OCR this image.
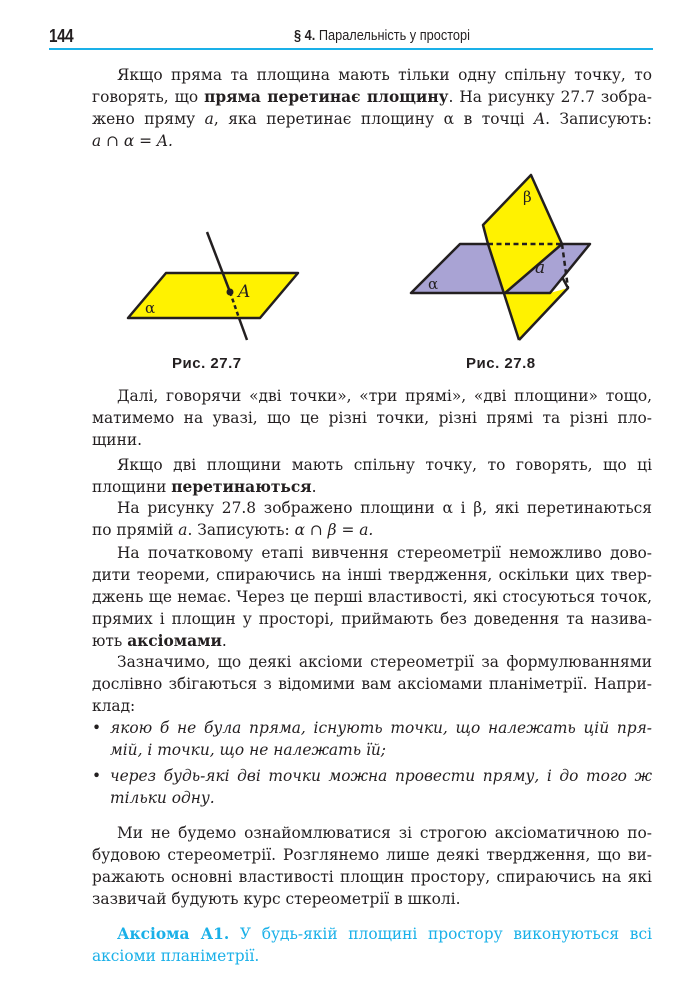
144	§ 4. Паралельність у просторі
Якщо пряма та площина мають тільки одну спільну точку, то
говорять, що пряма перетинає площину. На рисунку 27.7 зобра-
жено пряму a, яка перетинає площину α в точці A. Записують:
a ∩ α = A.
α
A
Рис. 27.7
α
β
a
Рис. 27.8
Далі, говорячи «дві точки», «три прямі», «дві площини» тощо,
матимемо на увазі, що це різні точки, різні прямі та різні пло-
щини.
Якщо дві площини мають спільну точку, то говорять, що ці
площини перетинаються.
На рисунку 27.8 зображено площини α і β, які перетинаються
по прямій a. Записують: α ∩ β = a.
На початковому етапі вивчення стереометрії неможливо дово-
дити теореми, спираючись на інші твердження, оскільки цих твер-
джень ще немає. Через це перші властивості, які стосуються точок,
прямих і площин у просторі, приймають без доведення та назива-
ють аксіомами.
Зазначимо, що деякі аксіоми стереометрії за формулюваннями
дослівно збігаються з відомими вам аксіомами планіметрії. Напри-
клад:
• якою б не була пряма, існують точки, що належать цій пря-
мій, і точки, що не належать їй;
• через будь-які дві точки можна провести пряму, і до того ж
тільки одну.
Ми не будемо ознайомлюватися зі строгою аксіоматичною по-
будовою стереометрії. Розглянемо лише деякі твердження, що ви-
ражають основні властивості площин простору, спираючись на які
зазвичай будують курс стереометрії в школі.
Аксіома А1. У будь-якій площині простору виконуються всі
аксіоми планіметрії.
